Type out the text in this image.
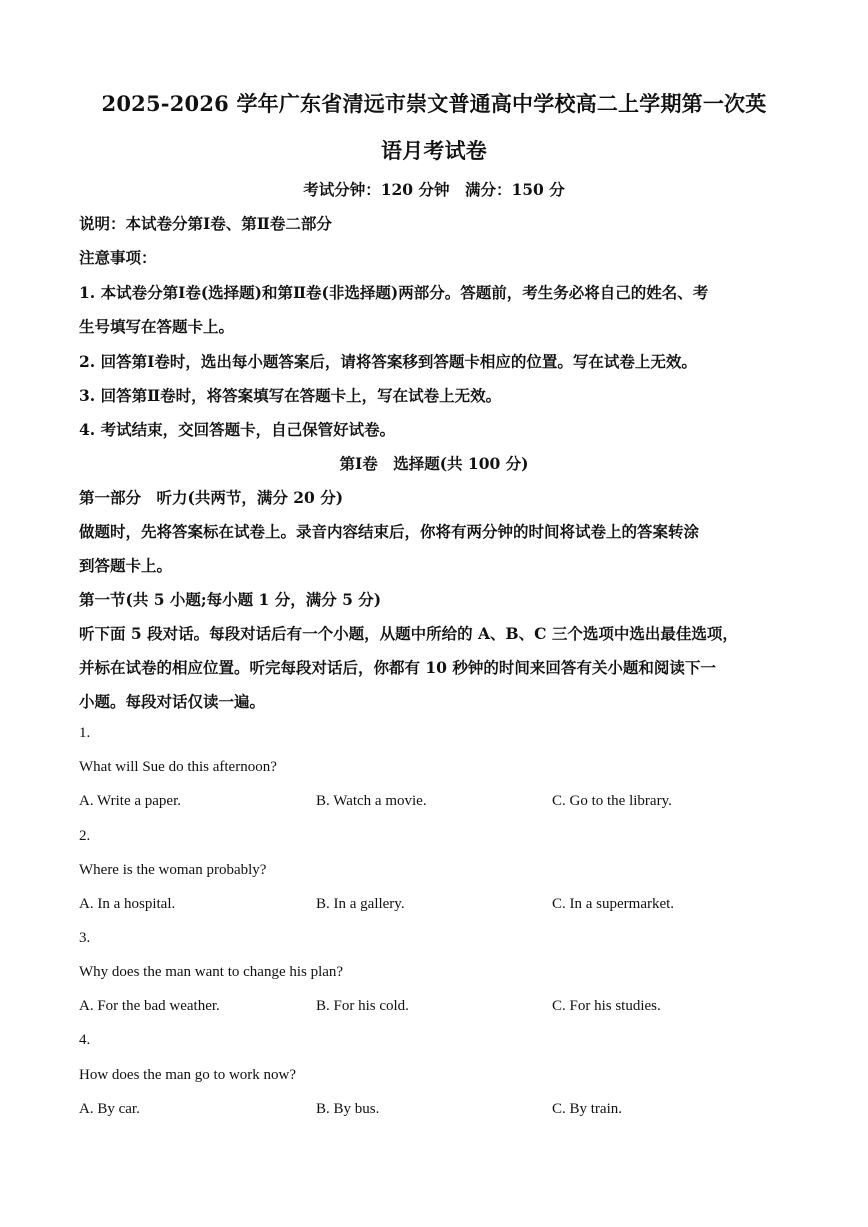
2025-2026 学年广东省清远市崇文普通高中学校高二上学期第一次英
语月考试卷
考试分钟：120 分钟　满分：150 分
说明：本试卷分第Ⅰ卷、第Ⅱ卷二部分
注意事项：
1. 本试卷分第Ⅰ卷(选择题)和第Ⅱ卷(非选择题)两部分。答题前，考生务必将自己的姓名、考
生号填写在答题卡上。
2. 回答第Ⅰ卷时，选出每小题答案后，请将答案移到答题卡相应的位置。写在试卷上无效。
3. 回答第Ⅱ卷时，将答案填写在答题卡上，写在试卷上无效。
4. 考试结束，交回答题卡，自己保管好试卷。
第Ⅰ卷　选择题(共 100 分)
第一部分　听力(共两节，满分 20 分)
做题时，先将答案标在试卷上。录音内容结束后，你将有两分钟的时间将试卷上的答案转涂
到答题卡上。
第一节(共 5 小题;每小题 1 分，满分 5 分)
听下面 5 段对话。每段对话后有一个小题，从题中所给的 A、B、C 三个选项中选出最佳选项，
并标在试卷的相应位置。听完每段对话后，你都有 10 秒钟的时间来回答有关小题和阅读下一
小题。每段对话仅读一遍。
1.
What will Sue do this afternoon?
A. Write a paper.	B. Watch a movie.	C. Go to the library.
2.
Where is the woman probably?
A. In a hospital.	B. In a gallery.	C. In a supermarket.
3.
Why does the man want to change his plan?
A. For the bad weather.	B. For his cold.	C. For his studies.
4.
How does the man go to work now?
A. By car.	B. By bus.	C. By train.
